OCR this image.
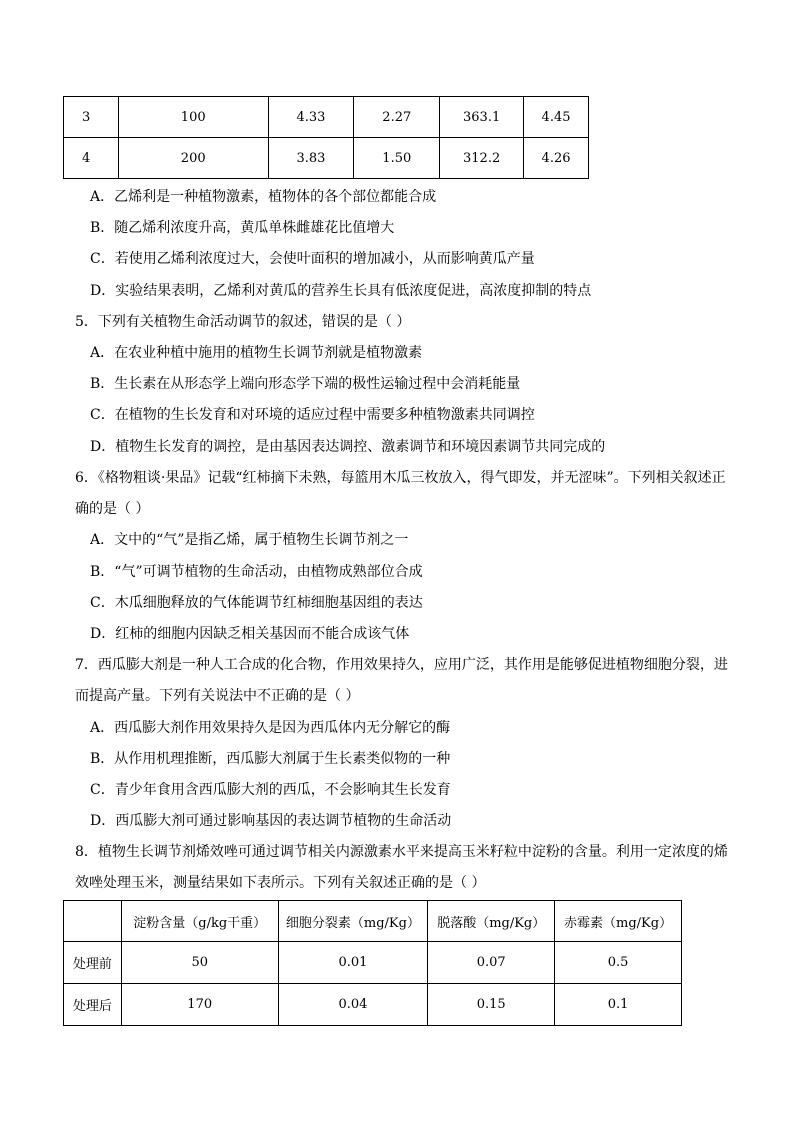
3	100	4.33	2.27	363.1	4.45
4	200	3.83	1.50	312.2	4.26
A．乙烯利是一种植物激素，植物体的各个部位都能合成
B．随乙烯利浓度升高，黄瓜单株雌雄花比值增大
C．若使用乙烯利浓度过大，会使叶面积的增加减小，从而影响黄瓜产量
D．实验结果表明，乙烯利对黄瓜的营养生长具有低浓度促进，高浓度抑制的特点
5．下列有关植物生命活动调节的叙述，错误的是（ ）
A．在农业种植中施用的植物生长调节剂就是植物激素
B．生长素在从形态学上端向形态学下端的极性运输过程中会消耗能量
C．在植物的生长发育和对环境的适应过程中需要多种植物激素共同调控
D．植物生长发育的调控，是由基因表达调控、激素调节和环境因素调节共同完成的
6．《格物粗谈·果品》记载“红柿摘下未熟，每篮用木瓜三枚放入，得气即发，并无涩味”。下列相关叙述正
确的是（ ）
A．文中的“气”是指乙烯，属于植物生长调节剂之一
B．“气”可调节植物的生命活动，由植物成熟部位合成
C．木瓜细胞释放的气体能调节红柿细胞基因组的表达
D．红柿的细胞内因缺乏相关基因而不能合成该气体
7．西瓜膨大剂是一种人工合成的化合物，作用效果持久，应用广泛，其作用是能够促进植物细胞分裂，进
而提高产量。下列有关说法中不正确的是（ ）
A．西瓜膨大剂作用效果持久是因为西瓜体内无分解它的酶
B．从作用机理推断，西瓜膨大剂属于生长素类似物的一种
C．青少年食用含西瓜膨大剂的西瓜，不会影响其生长发育
D．西瓜膨大剂可通过影响基因的表达调节植物的生命活动
8．植物生长调节剂烯效唑可通过调节相关内源激素水平来提高玉米籽粒中淀粉的含量。利用一定浓度的烯
效唑处理玉米，测量结果如下表所示。下列有关叙述正确的是（ ）
	淀粉含量（g/kg干重）	细胞分裂素（mg/Kg）	脱落酸（mg/Kg）	赤霉素（mg/Kg）
处理前	50	0.01	0.07	0.5
处理后	170	0.04	0.15	0.1
